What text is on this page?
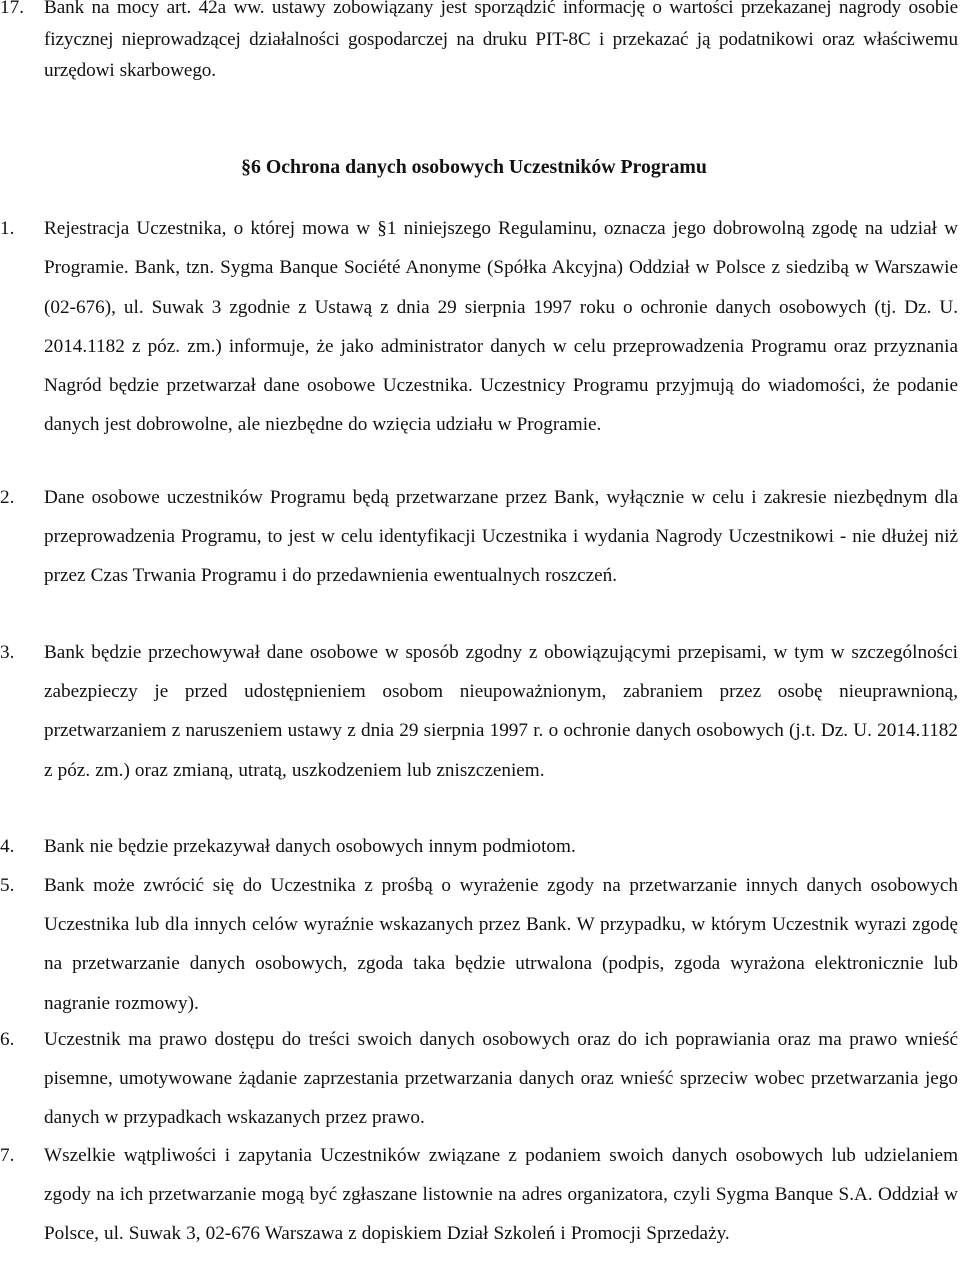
17.	Bank na mocy art. 42a ww. ustawy zobowiązany jest sporządzić informację o wartości przekazanej nagrody osobie fizycznej nieprowadzącej działalności gospodarczej na druku PIT-8C i przekazać ją podatnikowi oraz właściwemu urzędowi skarbowego.
§6 Ochrona danych osobowych Uczestników Programu
1.	Rejestracja Uczestnika, o której mowa w §1 niniejszego Regulaminu, oznacza jego dobrowolną zgodę na udział w Programie. Bank, tzn. Sygma Banque Société Anonyme (Spółka Akcyjna) Oddział w Polsce z siedzibą w Warszawie (02-676), ul. Suwak 3 zgodnie z Ustawą z dnia 29 sierpnia 1997 roku o ochronie danych osobowych (tj. Dz. U. 2014.1182 z póz. zm.) informuje, że jako administrator danych w celu przeprowadzenia Programu oraz przyznania Nagród będzie przetwarzał dane osobowe Uczestnika. Uczestnicy Programu przyjmują do wiadomości, że podanie danych jest dobrowolne, ale niezbędne do wzięcia udziału w Programie.
2.	Dane osobowe uczestników Programu będą przetwarzane przez Bank, wyłącznie w celu i zakresie niezbędnym dla przeprowadzenia Programu, to jest w celu identyfikacji Uczestnika i wydania Nagrody Uczestnikowi - nie dłużej niż przez Czas Trwania Programu i do przedawnienia ewentualnych roszczeń.
3.	Bank będzie przechowywał dane osobowe w sposób zgodny z obowiązującymi przepisami, w tym w szczególności zabezpieczy je przed udostępnieniem osobom nieupoważnionym, zabraniem przez osobę nieuprawnioną, przetwarzaniem z naruszeniem ustawy z dnia 29 sierpnia 1997 r. o ochronie danych osobowych (j.t. Dz. U. 2014.1182 z póz. zm.) oraz zmianą, utratą, uszkodzeniem lub zniszczeniem.
4.	Bank nie będzie przekazywał danych osobowych innym podmiotom.
5.	Bank może zwrócić się do Uczestnika z prośbą o wyrażenie zgody na przetwarzanie innych danych osobowych Uczestnika lub dla innych celów wyraźnie wskazanych przez Bank. W przypadku, w którym Uczestnik wyrazi zgodę na przetwarzanie danych osobowych, zgoda taka będzie utrwalona (podpis, zgoda wyrażona elektronicznie lub nagranie rozmowy).
6.	Uczestnik ma prawo dostępu do treści swoich danych osobowych oraz do ich poprawiania oraz ma prawo wnieść pisemne, umotywowane żądanie zaprzestania przetwarzania danych oraz wnieść sprzeciw wobec przetwarzania jego danych w przypadkach wskazanych przez prawo.
7.	Wszelkie wątpliwości i zapytania Uczestników związane z podaniem swoich danych osobowych lub udzielaniem zgody na ich przetwarzanie mogą być zgłaszane listownie na adres organizatora, czyli Sygma Banque S.A. Oddział w Polsce, ul. Suwak 3, 02-676 Warszawa z dopiskiem Dział Szkoleń i Promocji Sprzedaży.
